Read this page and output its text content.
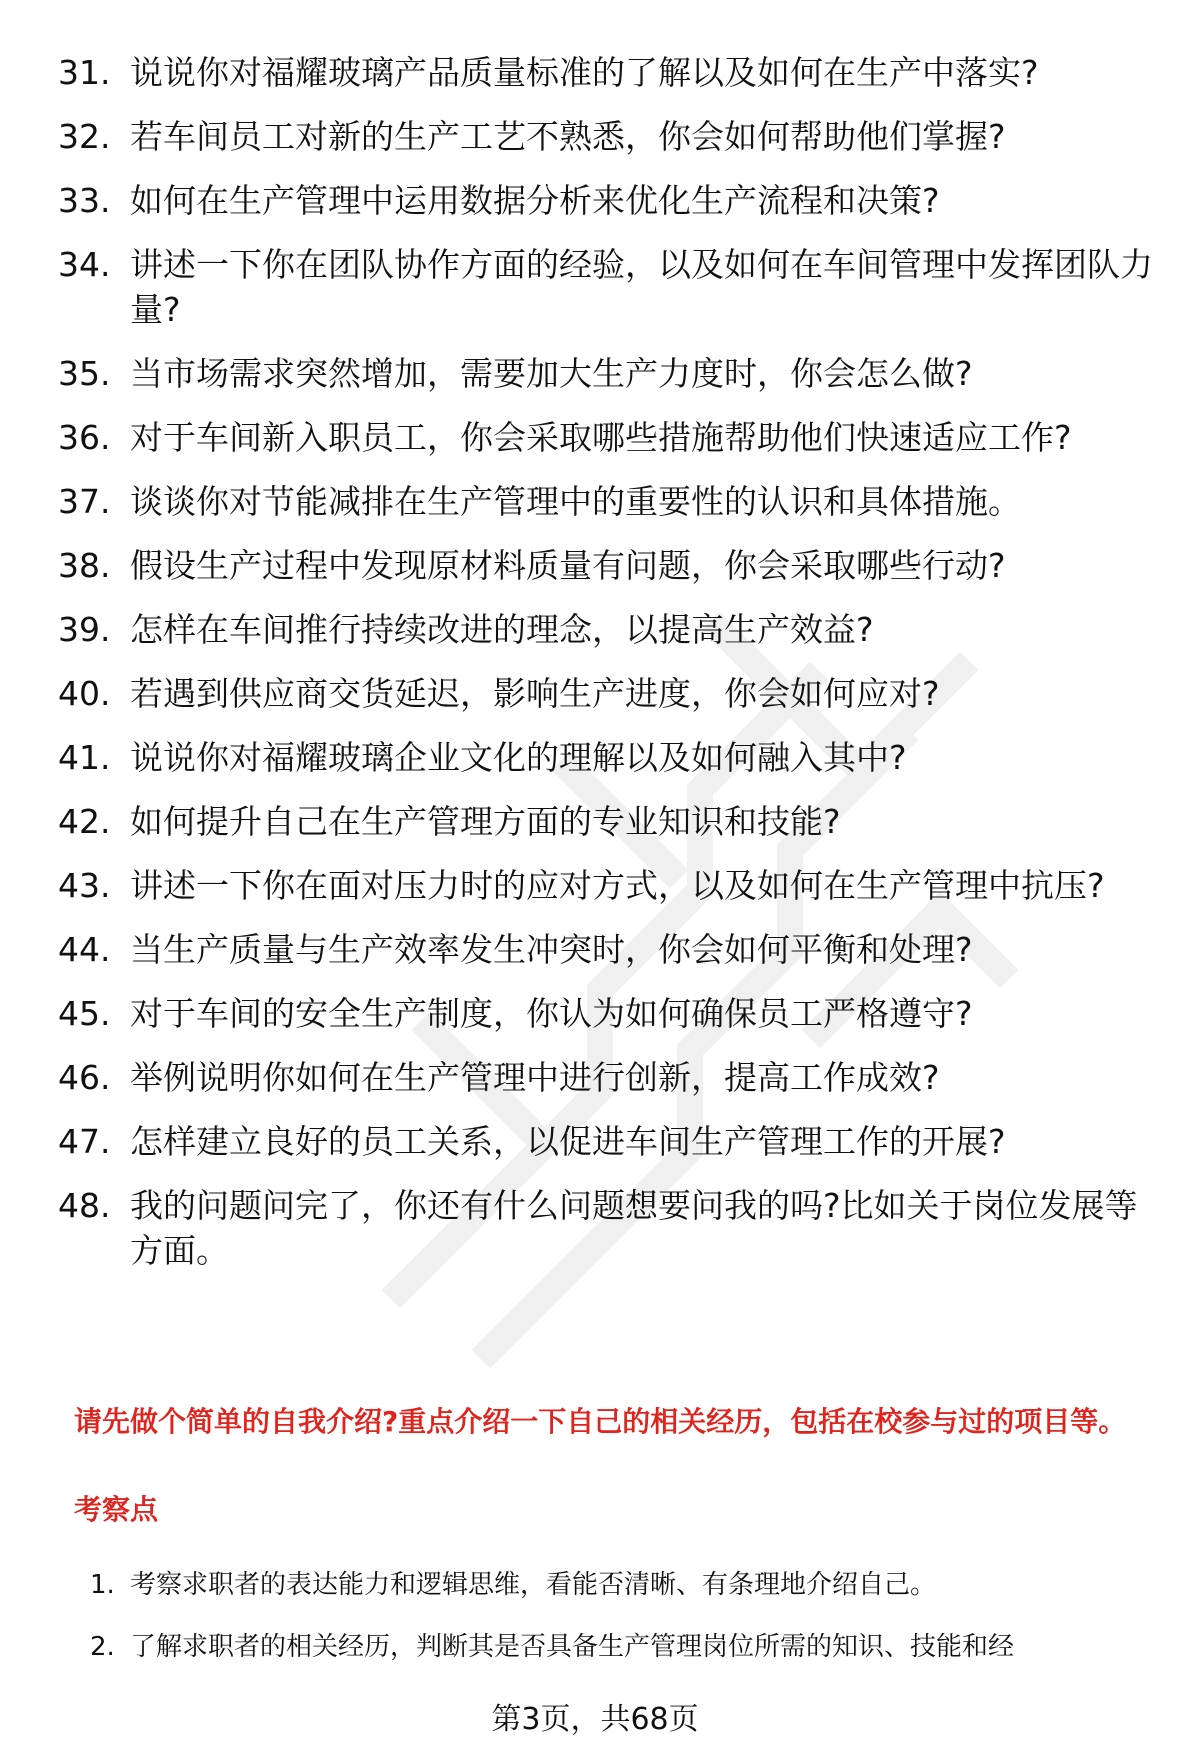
31. 说说你对福耀玻璃产品质量标准的了解以及如何在生产中落实?
32. 若车间员工对新的生产工艺不熟悉，你会如何帮助他们掌握?
33. 如何在生产管理中运用数据分析来优化生产流程和决策?
34. 讲述一下你在团队协作方面的经验，以及如何在车间管理中发挥团队力量?
35. 当市场需求突然增加，需要加大生产力度时，你会怎么做?
36. 对于车间新入职员工，你会采取哪些措施帮助他们快速适应工作?
37. 谈谈你对节能减排在生产管理中的重要性的认识和具体措施。
38. 假设生产过程中发现原材料质量有问题，你会采取哪些行动?
39. 怎样在车间推行持续改进的理念，以提高生产效益?
40. 若遇到供应商交货延迟，影响生产进度，你会如何应对?
41. 说说你对福耀玻璃企业文化的理解以及如何融入其中?
42. 如何提升自己在生产管理方面的专业知识和技能?
43. 讲述一下你在面对压力时的应对方式，以及如何在生产管理中抗压?
44. 当生产质量与生产效率发生冲突时，你会如何平衡和处理?
45. 对于车间的安全生产制度，你认为如何确保员工严格遵守?
46. 举例说明你如何在生产管理中进行创新，提高工作成效?
47. 怎样建立良好的员工关系，以促进车间生产管理工作的开展?
48. 我的问题问完了，你还有什么问题想要问我的吗?比如关于岗位发展等方面。

请先做个简单的自我介绍?重点介绍一下自己的相关经历，包括在校参与过的项目等。

考察点

1. 考察求职者的表达能力和逻辑思维，看能否清晰、有条理地介绍自己。
2. 了解求职者的相关经历，判断其是否具备生产管理岗位所需的知识、技能和经

第3页，共68页
